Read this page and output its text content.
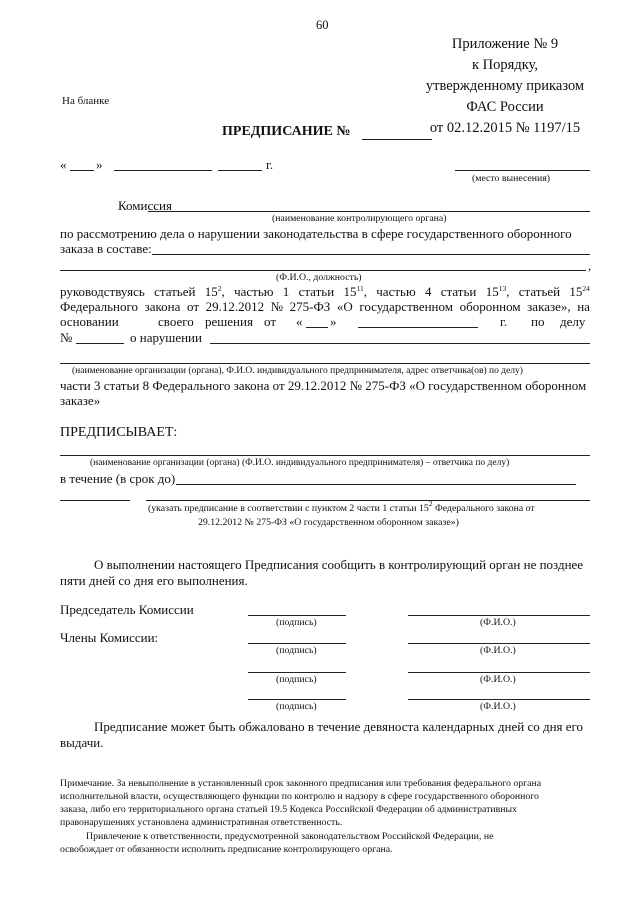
60
Приложение № 9
к Порядку,
утвержденному приказом
ФАС России
от 02.12.2015 № 1197/15
На бланке
ПРЕДПИСАНИЕ №
« »	г.
(место вынесения)
Комиссия
(наименование контролирующего органа)
по рассмотрению дела о нарушении законодательства в сфере государственного оборонного
заказа в составе:
,
(Ф.И.О., должность)
руководствуясь статьей $15^2$, частью 1 статьи $15^{11}$, частью 4 статьи $15^{13}$, статьей $15^{24}$
Федерального закона от 29.12.2012 № 275-ФЗ «О государственном оборонном заказе», на
основании	своего решения от « »	г. по делу
№	о нарушении
(наименование организации (органа), Ф.И.О. индивидуального предпринимателя, адрес ответчика(ов) по делу)
части 3 статьи 8 Федерального закона от 29.12.2012 № 275-ФЗ «О государственном оборонном
заказе»
ПРЕДПИСЫВАЕТ:
(наименование организации (органа) (Ф.И.О. индивидуального предпринимателя) – ответчика по делу)
в течение (в срок до)
(указать предписание в соответствии с пунктом 2 части 1 статьи $15^2$ Федерального закона от
29.12.2012 № 275-ФЗ «О государственном оборонном заказе»)
О выполнении настоящего Предписания сообщить в контролирующий орган не позднее
пяти дней со дня его выполнения.
Председатель Комиссии
(подпись)	(Ф.И.О.)
Члены Комиссии:
(подпись)	(Ф.И.О.)
(подпись)	(Ф.И.О.)
(подпись)	(Ф.И.О.)
Предписание может быть обжаловано в течение девяноста календарных дней со дня его
выдачи.
Примечание. За невыполнение в установленный срок законного предписания или требования федерального органа
исполнительной власти, осуществляющего функции по контролю и надзору в сфере государственного оборонного
заказа, либо его территориального органа статьей 19.5 Кодекса Российской Федерации об административных
правонарушениях установлена административная ответственность.
Привлечение к ответственности, предусмотренной законодательством Российской Федерации, не
освобождает от обязанности исполнить предписание контролирующего органа.
